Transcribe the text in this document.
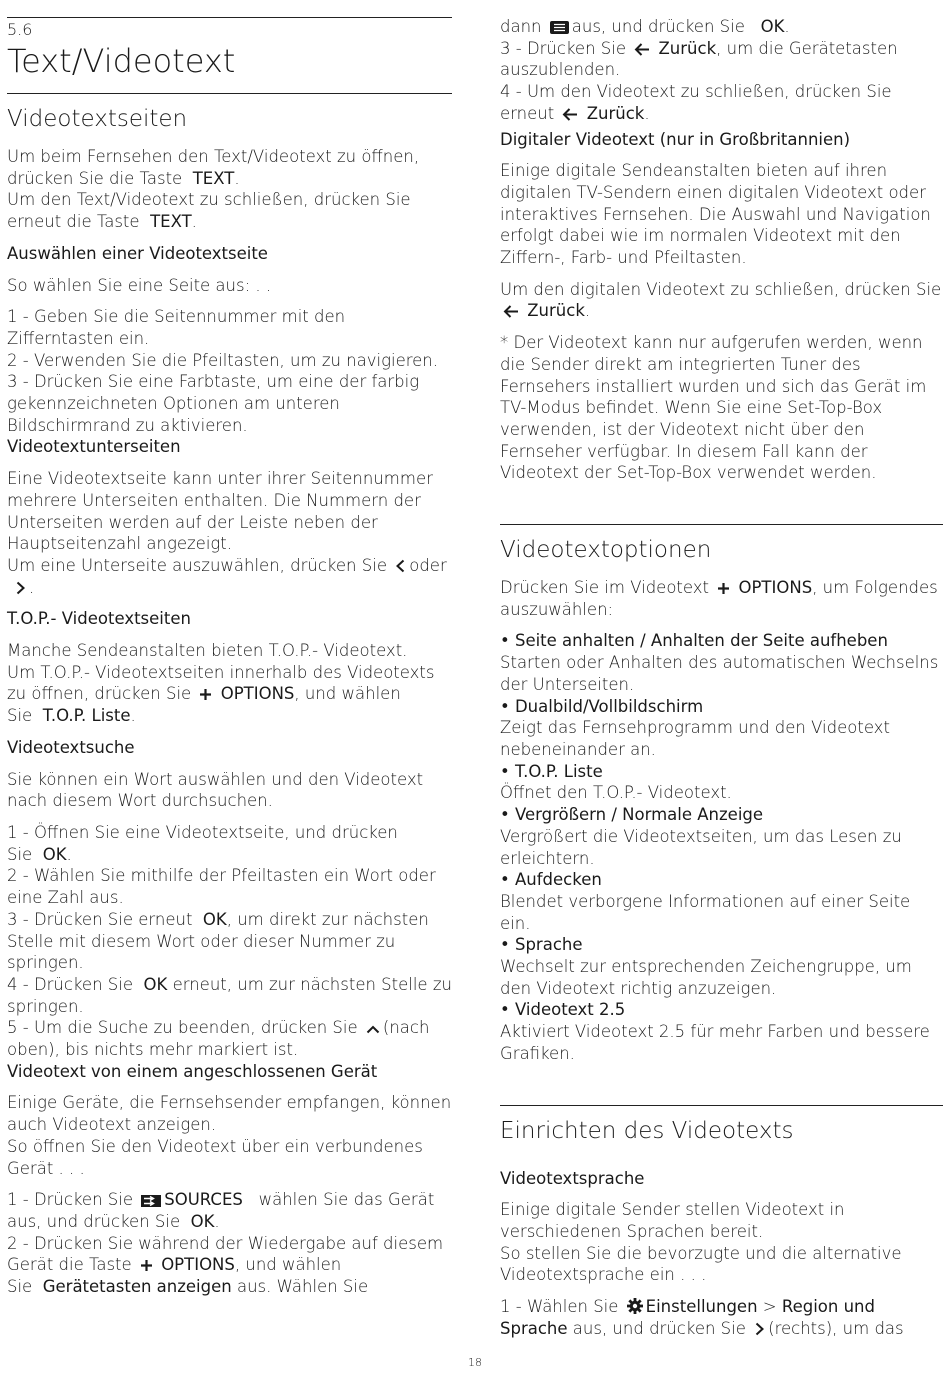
5.6
Text/Videotext
Videotextseiten

Um beim Fernsehen den Text/Videotext zu öffnen, drücken Sie die Taste TEXT.
Um den Text/Videotext zu schließen, drücken Sie erneut die Taste TEXT.

Auswählen einer Videotextseite

So wählen Sie eine Seite aus: . .

1 - Geben Sie die Seitennummer mit den Zifferntasten ein.

2 - Verwenden Sie die Pfeiltasten, um zu navigieren.

3 - Drücken Sie eine Farbtaste, um eine der farbig gekennzeichneten Optionen am unteren Bildschirmrand zu aktivieren.

Videotextunterseiten

Eine Videotextseite kann unter ihrer Seitennummer mehrere Unterseiten enthalten. Die Nummern der Unterseiten werden auf der Leiste neben der Hauptseitenzahl angezeigt.

Um eine Unterseite auszuwählen, drücken Sie oder
.

T.O.P.- Videotextseiten

Manche Sendeanstalten bieten T.O.P.- Videotext.
Um T.O.P.- Videotextseiten innerhalb des Videotexts zu öffnen, drücken Sie OPTIONS, und wählen Sie T.O.P. Liste.

Videotextsuche

Sie können ein Wort auswählen und den Videotext nach diesem Wort durchsuchen.

1 - Öffnen Sie eine Videotextseite, und drücken Sie OK.

2 - Wählen Sie mithilfe der Pfeiltasten ein Wort oder eine Zahl aus.

3 - Drücken Sie erneut OK, um direkt zur nächsten Stelle mit diesem Wort oder dieser Nummer zu springen.

4 - Drücken Sie OK erneut, um zur nächsten Stelle zu springen.

5 - Um die Suche zu beenden, drücken Sie (nach oben), bis nichts mehr markiert ist.

Videotext von einem angeschlossenen Gerät

Einige Geräte, die Fernsehsender empfangen, können auch Videotext anzeigen.
So öffnen Sie den Videotext über ein verbundenes Gerät . . .

1 - Drücken Sie SOURCES wählen Sie das Gerät aus, und drücken Sie OK.

2 - Drücken Sie während der Wiedergabe auf diesem Gerät die Taste OPTIONS, und wählen Sie Gerätetasten anzeigen aus. Wählen Sie

dann aus, und drücken Sie OK.

3 - Drücken Sie Zurück, um die Gerätetasten auszublenden.

4 - Um den Videotext zu schließen, drücken Sie erneut Zurück.

Digitaler Videotext (nur in Großbritannien)

Einige digitale Sendeanstalten bieten auf ihren digitalen TV-Sendern einen digitalen Videotext oder interaktives Fernsehen. Die Auswahl und Navigation erfolgt dabei wie im normalen Videotext mit den Ziffern-, Farb- und Pfeiltasten.

Um den digitalen Videotext zu schließen, drücken Sie
Zurück.

* Der Videotext kann nur aufgerufen werden, wenn die Sender direkt am integrierten Tuner des Fernsehers installiert wurden und sich das Gerät im TV-Modus befindet. Wenn Sie eine Set-Top-Box verwenden, ist der Videotext nicht über den Fernseher verfügbar. In diesem Fall kann der Videotext der Set-Top-Box verwendet werden.

Videotextoptionen

Drücken Sie im Videotext OPTIONS, um Folgendes auszuwählen:

• Seite anhalten / Anhalten der Seite aufheben

Starten oder Anhalten des automatischen Wechselns der Unterseiten.

• Dualbild/Vollbildschirm

Zeigt das Fernsehprogramm und den Videotext nebeneinander an.

• T.O.P. Liste

Öffnet den T.O.P.- Videotext.

• Vergrößern / Normale Anzeige

Vergrößert die Videotextseiten, um das Lesen zu erleichtern.

• Aufdecken

Blendet verborgene Informationen auf einer Seite ein.

• Sprache

Wechselt zur entsprechenden Zeichengruppe, um den Videotext richtig anzuzeigen.

• Videotext 2.5

Aktiviert Videotext 2.5 für mehr Farben und bessere Grafiken.

Einrichten des Videotexts
Videotextsprache

Einige digitale Sender stellen Videotext in verschiedenen Sprachen bereit.
So stellen Sie die bevorzugte und die alternative Videotextsprache ein . . .

1 - Wählen Sie Einstellungen > Region und Sprache aus, und drücken Sie (rechts), um das

18
